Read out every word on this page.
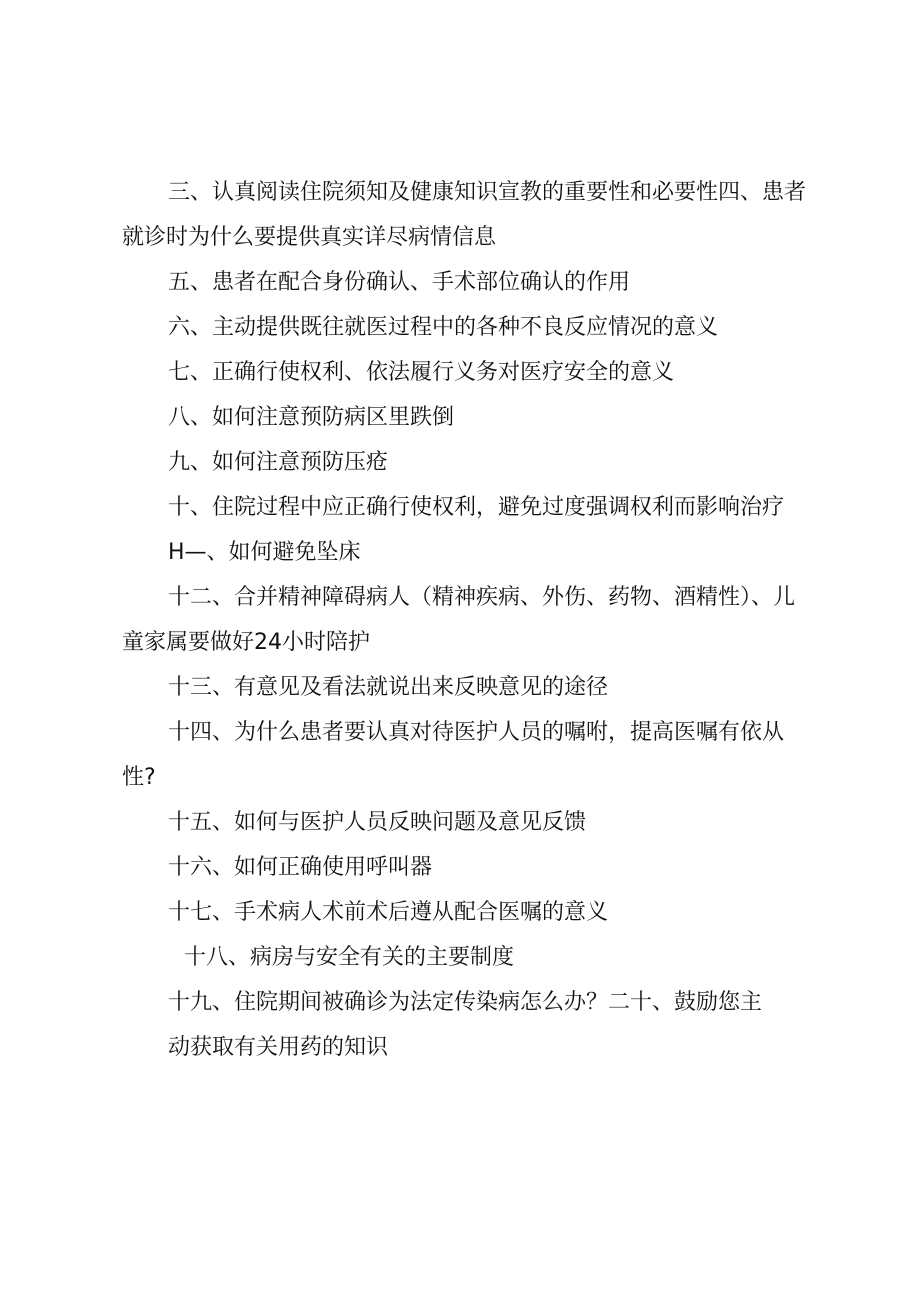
三、认真阅读住院须知及健康知识宣教的重要性和必要性四、患者就诊时为什么要提供真实详尽病情信息

五、患者在配合身份确认、手术部位确认的作用

六、主动提供既往就医过程中的各种不良反应情况的意义

七、正确行使权利、依法履行义务对医疗安全的意义

八、如何注意预防病区里跌倒

九、如何注意预防压疮

十、住院过程中应正确行使权利，避免过度强调权利而影响治疗

H—、如何避免坠床

十二、合并精神障碍病人（精神疾病、外伤、药物、酒精性）、儿童家属要做好24小时陪护

十三、有意见及看法就说出来反映意见的途径

十四、为什么患者要认真对待医护人员的嘱咐，提高医嘱有依从性?

十五、如何与医护人员反映问题及意见反馈

十六、如何正确使用呼叫器

十七、手术病人术前术后遵从配合医嘱的意义

十八、病房与安全有关的主要制度

十九、住院期间被确诊为法定传染病怎么办？二十、鼓励您主

动获取有关用药的知识
